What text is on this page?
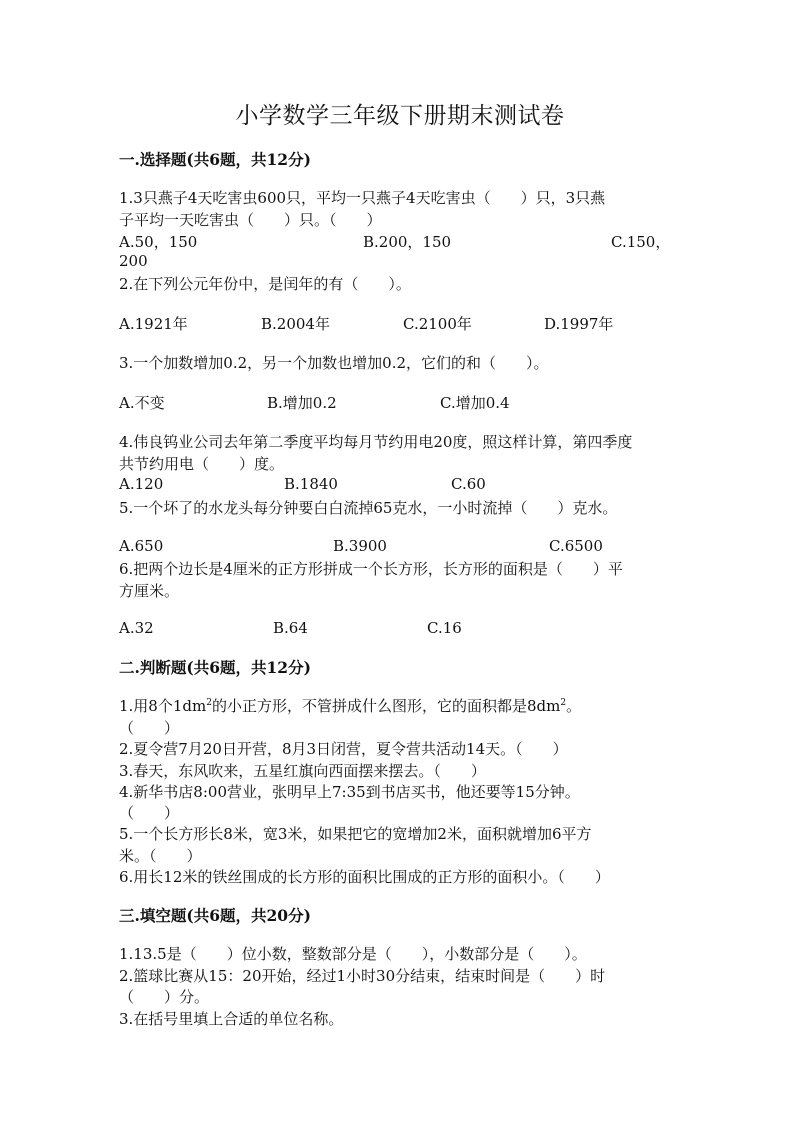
小学数学三年级下册期末测试卷
一.选择题(共6题，共12分)
1.3只燕子4天吃害虫600只，平均一只燕子4天吃害虫（　　）只，3只燕
子平均一天吃害虫（　　）只。（　　）
A.50，150	B.200，150	C.150，
200
2.在下列公元年份中，是闰年的有（　　）。
A.1921年	B.2004年	C.2100年	D.1997年
3.一个加数增加0.2，另一个加数也增加0.2，它们的和（　　）。
A.不变	B.增加0.2	C.增加0.4
4.伟良钨业公司去年第二季度平均每月节约用电20度，照这样计算，第四季度
共节约用电（　　）度。
A.120	B.1840	C.60
5.一个坏了的水龙头每分钟要白白流掉65克水，一小时流掉（　　）克水。
A.650	B.3900	C.6500
6.把两个边长是4厘米的正方形拼成一个长方形，长方形的面积是（　　）平
方厘米。
A.32	B.64	C.16
二.判断题(共6题，共12分)
1.用8个$1dm^2$的小正方形，不管拼成什么图形，它的面积都是$8dm^2$。
（　　）
2.夏令营7月20日开营，8月3日闭营，夏令营共活动14天。（　　）
3.春天，东风吹来，五星红旗向西面摆来摆去。（　　）
4.新华书店8:00营业，张明早上7:35到书店买书，他还要等15分钟。
（　　）
5.一个长方形长8米，宽3米，如果把它的宽增加2米，面积就增加6平方
米。（　　）
6.用长12米的铁丝围成的长方形的面积比围成的正方形的面积小。（　　）
三.填空题(共6题，共20分)
1.13.5是（　　）位小数，整数部分是（　　），小数部分是（　　）。
2.篮球比赛从15：20开始，经过1小时30分结束，结束时间是（　　）时
（　　）分。
3.在括号里填上合适的单位名称。
